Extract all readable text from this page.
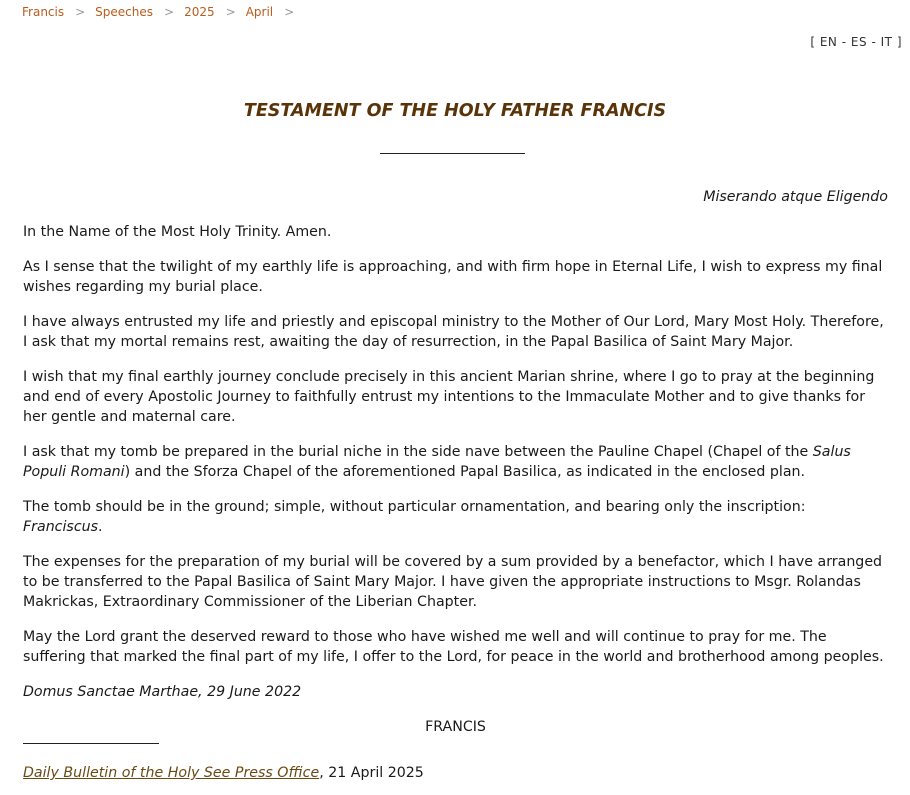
Francis > Speeches > 2025 > April >
[ EN - ES - IT ]
TESTAMENT OF THE HOLY FATHER FRANCIS

Miserando atque Eligendo

In the Name of the Most Holy Trinity. Amen.

As I sense that the twilight of my earthly life is approaching, and with firm hope in Eternal Life, I wish to express my final wishes regarding my burial place.

I have always entrusted my life and priestly and episcopal ministry to the Mother of Our Lord, Mary Most Holy. Therefore, I ask that my mortal remains rest, awaiting the day of resurrection, in the Papal Basilica of Saint Mary Major.

I wish that my final earthly journey conclude precisely in this ancient Marian shrine, where I go to pray at the beginning and end of every Apostolic Journey to faithfully entrust my intentions to the Immaculate Mother and to give thanks for her gentle and maternal care.

I ask that my tomb be prepared in the burial niche in the side nave between the Pauline Chapel (Chapel of the Salus Populi Romani) and the Sforza Chapel of the aforementioned Papal Basilica, as indicated in the enclosed plan.

The tomb should be in the ground; simple, without particular ornamentation, and bearing only the inscription: Franciscus.

The expenses for the preparation of my burial will be covered by a sum provided by a benefactor, which I have arranged to be transferred to the Papal Basilica of Saint Mary Major. I have given the appropriate instructions to Msgr. Rolandas Makrickas, Extraordinary Commissioner of the Liberian Chapter.

May the Lord grant the deserved reward to those who have wished me well and will continue to pray for me. The suffering that marked the final part of my life, I offer to the Lord, for peace in the world and brotherhood among peoples.

Domus Sanctae Marthae, 29 June 2022

FRANCIS

Daily Bulletin of the Holy See Press Office, 21 April 2025
